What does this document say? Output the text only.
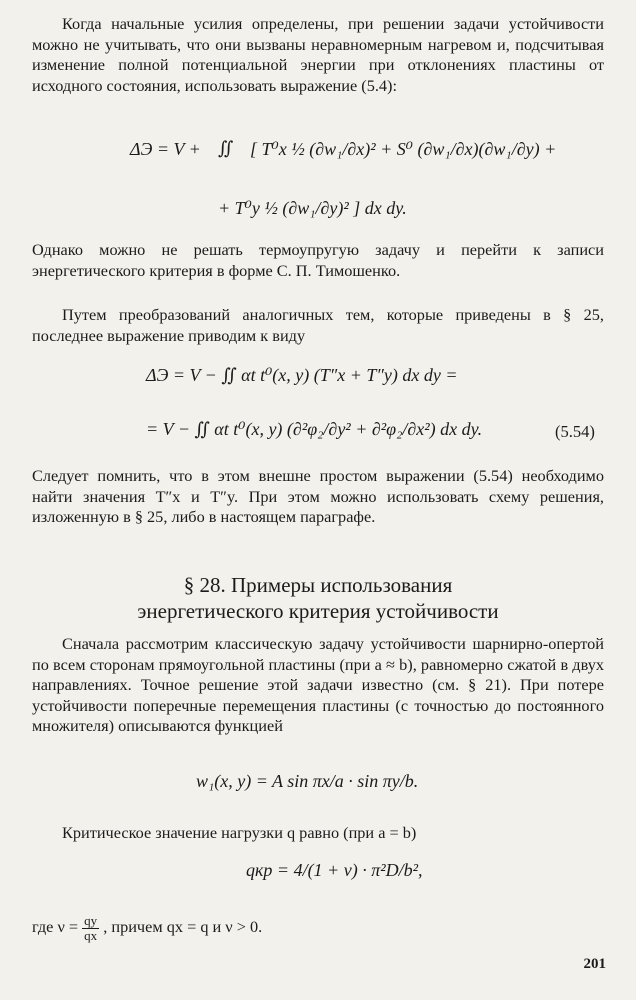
Когда начальные усилия определены, при решении задачи устойчивости можно не учитывать, что они вызваны неравномерным нагревом и, подсчитывая изменение полной потенциальной энергии при отклонениях пластины от исходного состояния, использовать выражение (5.4):

ΔЭ = V + ∬ [ T⁰x ½ (∂w₁/∂x)² + S⁰ (∂w₁/∂x)(∂w₁/∂y) +
+ T⁰y ½ (∂w₁/∂y)² ] dx dy.

Однако можно не решать термоупругую задачу и перейти к записи энергетического критерия в форме С. П. Тимошенко.

Путем преобразований аналогичных тем, которые приведены в § 25, последнее выражение приводим к виду

ΔЭ = V − ∬ αt t⁰(x, y) (T″x + T″y) dx dy =
= V − ∬ αt t⁰(x, y) (∂²φ₂/∂y² + ∂²φ₂/∂x²) dx dy.	(5.54)

Следует помнить, что в этом внешне простом выражении (5.54) необходимо найти значения T″x и T″y. При этом можно использовать схему решения, изложенную в § 25, либо в настоящем параграфе.

§ 28. Примеры использования
энергетического критерия устойчивости

Сначала рассмотрим классическую задачу устойчивости шарнирно-опертой по всем сторонам прямоугольной пластины (при a ≈ b), равномерно сжатой в двух направлениях. Точное решение этой задачи известно (см. § 21). При потере устойчивости поперечные перемещения пластины (с точностью до постоянного множителя) описываются функцией

w₁(x, y) = A sin πx/a · sin πy/b.

Критическое значение нагрузки q равно (при a = b)

qкр = 4/(1 + ν) · π²D/b²,
где $\nu = \frac{qy}{qx}$ , причем qx = q и ν > 0.
201
